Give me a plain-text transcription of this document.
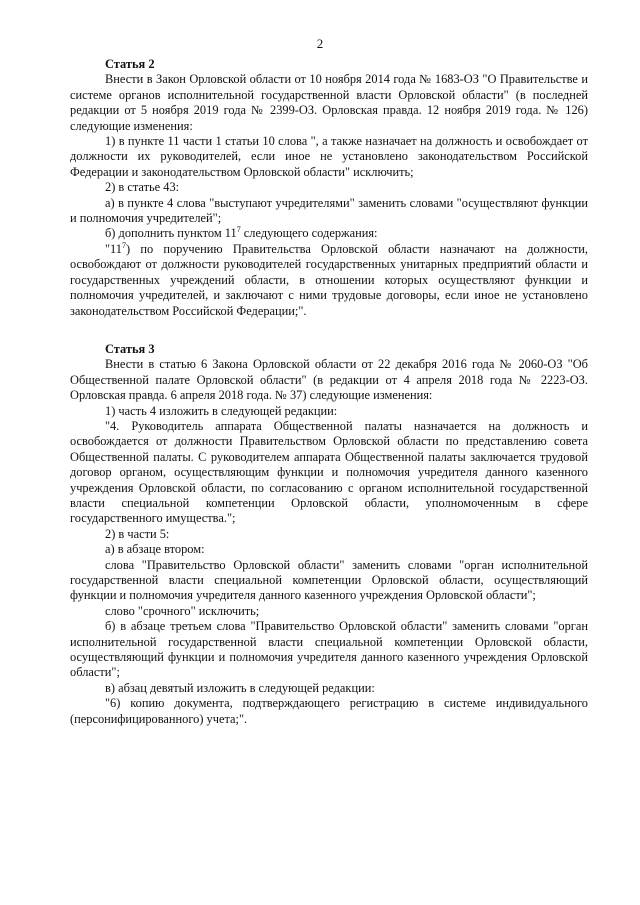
2

Статья 2

Внести в Закон Орловской области от 10 ноября 2014 года № 1683-ОЗ "О Правительстве и системе органов исполнительной государственной власти Орловской области" (в последней редакции от 5 ноября 2019 года № 2399-ОЗ. Орловская правда. 12 ноября 2019 года. № 126) следующие изменения:

1) в пункте 11 части 1 статьи 10 слова ", а также назначает на должность и освобождает от должности их руководителей, если иное не установлено законодательством Российской Федерации и законодательством Орловской области" исключить;

2) в статье 43:

а) в пункте 4 слова "выступают учредителями" заменить словами "осуществляют функции и полномочия учредителей";

б) дополнить пунктом $11^7$ следующего содержания:

"$11^7$) по поручению Правительства Орловской области назначают на должности, освобождают от должности руководителей государственных унитарных предприятий области и государственных учреждений области, в отношении которых осуществляют функции и полномочия учредителей, и заключают с ними трудовые договоры, если иное не установлено законодательством Российской Федерации;".

Статья 3

Внести в статью 6 Закона Орловской области от 22 декабря 2016 года № 2060-ОЗ "Об Общественной палате Орловской области" (в редакции от 4 апреля 2018 года № 2223-ОЗ. Орловская правда. 6 апреля 2018 года. № 37) следующие изменения:

1) часть 4 изложить в следующей редакции:

"4. Руководитель аппарата Общественной палаты назначается на должность и освобождается от должности Правительством Орловской области по представлению совета Общественной палаты. С руководителем аппарата Общественной палаты заключается трудовой договор органом, осуществляющим функции и полномочия учредителя данного казенного учреждения Орловской области, по согласованию с органом исполнительной государственной власти специальной компетенции Орловской области, уполномоченным в сфере государственного имущества.";

2) в части 5:

а) в абзаце втором:

слова "Правительство Орловской области" заменить словами "орган исполнительной государственной власти специальной компетенции Орловской области, осуществляющий функции и полномочия учредителя данного казенного учреждения Орловской области";

слово "срочного" исключить;

б) в абзаце третьем слова "Правительство Орловской области" заменить словами "орган исполнительной государственной власти специальной компетенции Орловской области, осуществляющий функции и полномочия учредителя данного казенного учреждения Орловской области";

в) абзац девятый изложить в следующей редакции:

"6) копию документа, подтверждающего регистрацию в системе индивидуального (персонифицированного) учета;".
